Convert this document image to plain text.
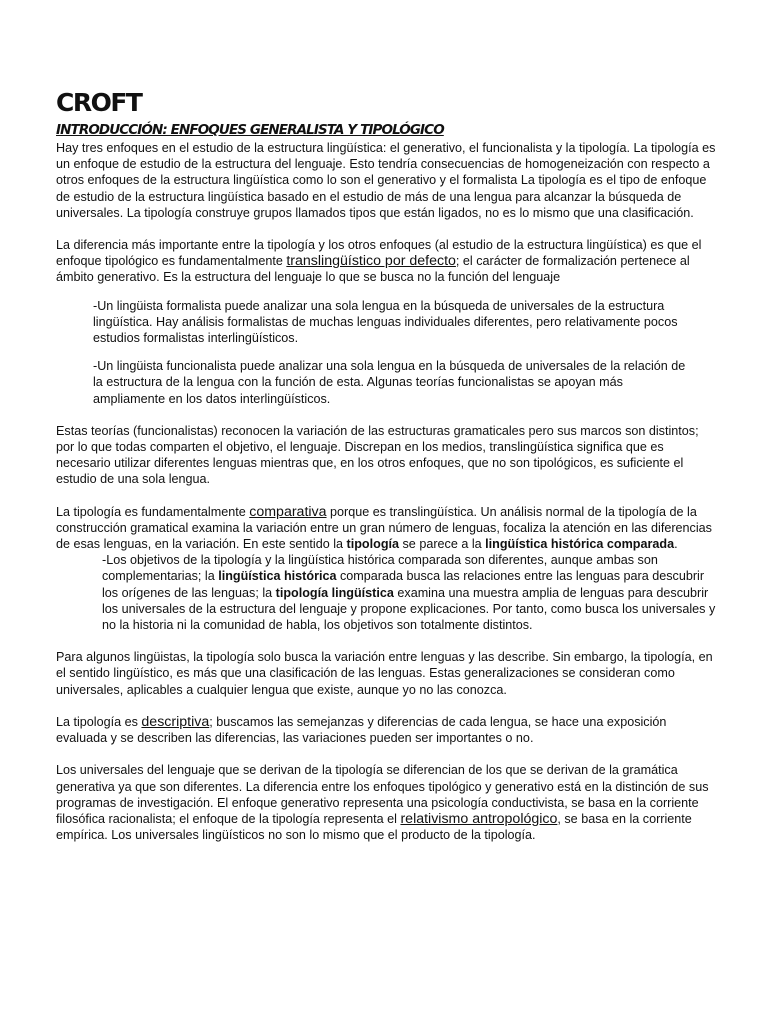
CROFT
INTRODUCCIÓN: ENFOQUES GENERALISTA Y TIPOLÓGICO

Hay tres enfoques en el estudio de la estructura lingüística: el generativo, el funcionalista y la tipología. La tipología es un enfoque de estudio de la estructura del lenguaje. Esto tendría consecuencias de homogeneización con respecto a otros enfoques de la estructura lingüística como lo son el generativo y el formalista La tipología es el tipo de enfoque de estudio de la estructura lingüística basado en el estudio de más de una lengua para alcanzar la búsqueda de universales. La tipología construye grupos llamados tipos que están ligados, no es lo mismo que una clasificación.

La diferencia más importante entre la tipología y los otros enfoques (al estudio de la estructura lingüística) es que el enfoque tipológico es fundamentalmente translingüístico por defecto; el carácter de formalización pertenece al ámbito generativo. Es la estructura del lenguaje lo que se busca no la función del lenguaje

-Un lingüista formalista puede analizar una sola lengua en la búsqueda de universales de la estructura lingüística. Hay análisis formalistas de muchas lenguas individuales diferentes, pero relativamente pocos estudios formalistas interlingüísticos.

-Un lingüista funcionalista puede analizar una sola lengua en la búsqueda de universales de la relación de la estructura de la lengua con la función de esta. Algunas teorías funcionalistas se apoyan más ampliamente en los datos interlingüísticos.

Estas teorías (funcionalistas) reconocen la variación de las estructuras gramaticales pero sus marcos son distintos; por lo que todas comparten el objetivo, el lenguaje. Discrepan en los medios, translingüística significa que es necesario utilizar diferentes lenguas mientras que, en los otros enfoques, que no son tipológicos, es suficiente el estudio de una sola lengua.

La tipología es fundamentalmente comparativa porque es translingüística. Un análisis normal de la tipología de la construcción gramatical examina la variación entre un gran número de lenguas, focaliza la atención en las diferencias de esas lenguas, en la variación. En este sentido la tipología se parece a la lingüística histórica comparada.

-Los objetivos de la tipología y la lingüística histórica comparada son diferentes, aunque ambas son complementarias; la lingüística histórica comparada busca las relaciones entre las lenguas para descubrir los orígenes de las lenguas; la tipología lingüística examina una muestra amplia de lenguas para descubrir los universales de la estructura del lenguaje y propone explicaciones. Por tanto, como busca los universales y no la historia ni la comunidad de habla, los objetivos son totalmente distintos.

Para algunos lingüistas, la tipología solo busca la variación entre lenguas y las describe. Sin embargo, la tipología, en el sentido lingüístico, es más que una clasificación de las lenguas. Estas generalizaciones se consideran como universales, aplicables a cualquier lengua que existe, aunque yo no las conozca.

La tipología es descriptiva; buscamos las semejanzas y diferencias de cada lengua, se hace una exposición evaluada y se describen las diferencias, las variaciones pueden ser importantes o no.

Los universales del lenguaje que se derivan de la tipología se diferencian de los que se derivan de la gramática generativa ya que son diferentes. La diferencia entre los enfoques tipológico y generativo está en la distinción de sus programas de investigación. El enfoque generativo representa una psicología conductivista, se basa en la corriente filosófica racionalista; el enfoque de la tipología representa el relativismo antropológico, se basa en la corriente empírica. Los universales lingüísticos no son lo mismo que el producto de la tipología.
